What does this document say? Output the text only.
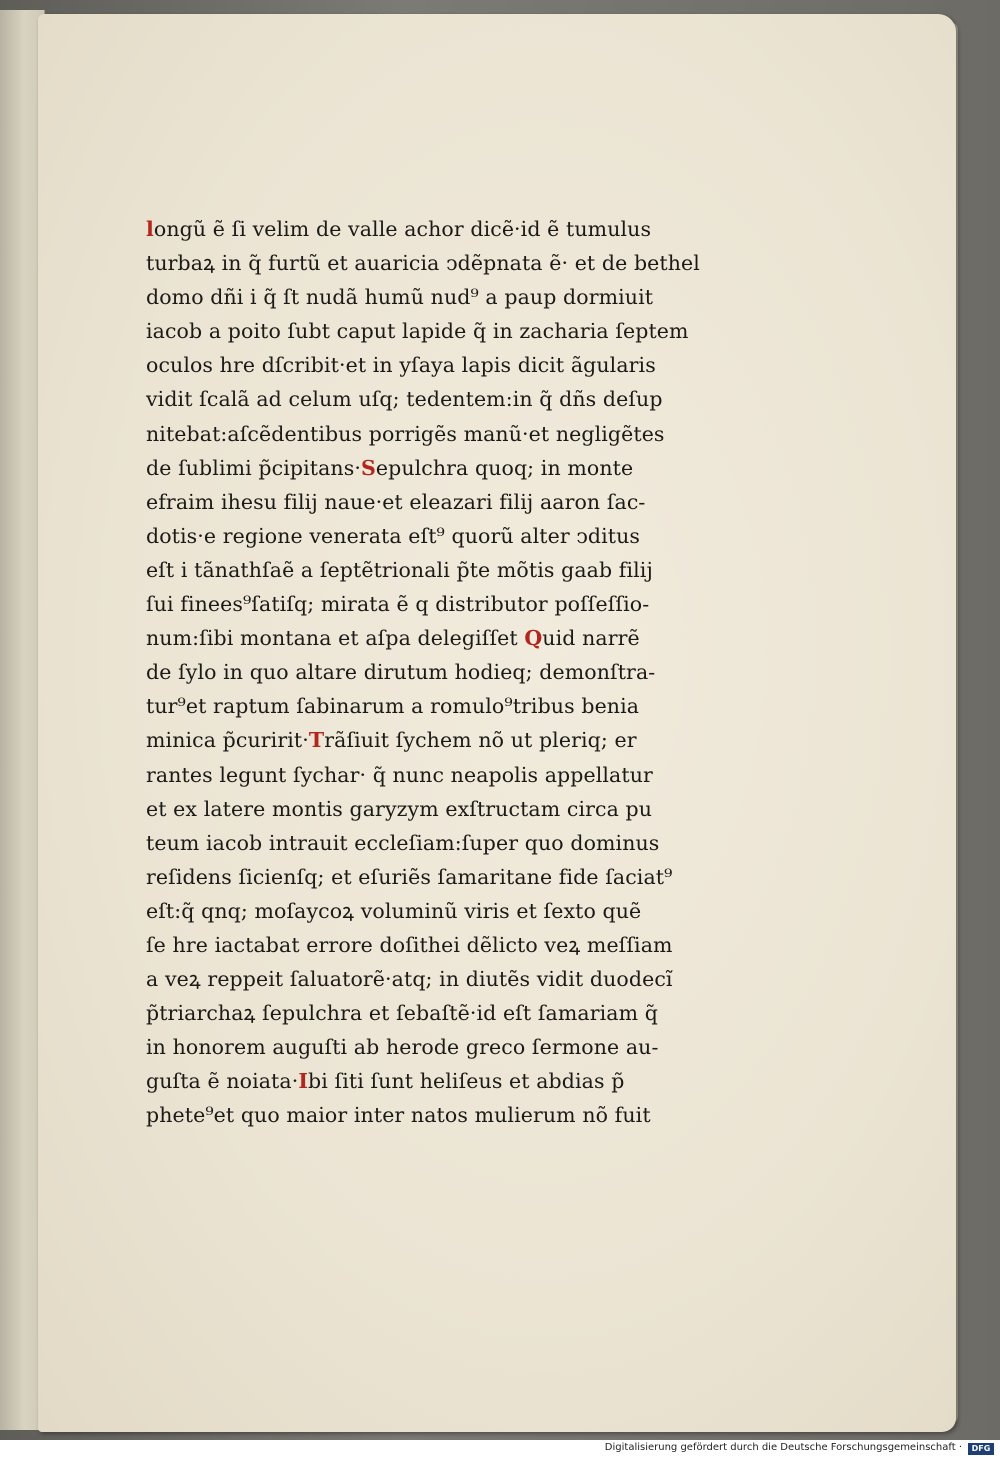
longũ ẽ ſi velim de valle achor dicẽ·id ẽ tumulus
turbaꝝ in q̃ furtũ et auaricia ↄdẽpnata ẽ· et de bethel
domo dñi i q̃ ſt nudã humũ nud⁹ a paup dormiuit
iacob a poito ſubt caput lapide q̃ in zacharia ſeptem
oculos hre dſcribit·et in yſaya lapis dicit ãgularis
vidit ſcalã ad celum uſq; tedentem:in q̃ dñs deſup
nitebat:aſcẽdentibus porrigẽs manũ·et negligẽtes
de ſublimi p̃cipitans·Sepulchra quoq; in monte
efraim ihesu filij naue·et eleazari filij aaron ſac-
dotis·e regione venerata eſt⁹ quorũ alter ↄditus
eſt i tãnathſaẽ a ſeptẽtrionali p̃te mõtis gaab filij
ſui finees⁹ſatiſq; mirata ẽ q distributor poſſeſſio-
num:ſibi montana et aſpa delegiſſet Quid narrẽ
de ſylo in quo altare dirutum hodieq; demonſtra-
tur⁹et raptum ſabinarum a romulo⁹tribus benia
minica p̃curirit·Trãſiuit ſychem nõ ut pleriq; er
rantes legunt ſychar· q̃ nunc neapolis appellatur
et ex latere montis garyzym exſtructam circa pu
teum iacob intrauit eccleſiam:ſuper quo dominus
reſidens ſicienſq; et eſuriẽs ſamaritane fide ſaciat⁹
eſt:q̃ qnq; moſaycoꝝ voluminũ viris et ſexto quẽ
ſe hre iactabat errore doſithei dẽlicto veꝝ meſſiam
a veꝝ reppeit ſaluatorẽ·atq; in diutẽs vidit duodecĩ
p̃triarchaꝝ ſepulchra et ſebaſtẽ·id eſt ſamariam q̃
in honorem auguſti ab herode greco ſermone au-
guſta ẽ noiata·Ibi ſiti ſunt heliſeus et abdias p̃
phete⁹et quo maior inter natos mulierum nõ fuit
Digitalisierung gefördert durch die Deutsche Forschungsgemeinschaft ·	DFG
